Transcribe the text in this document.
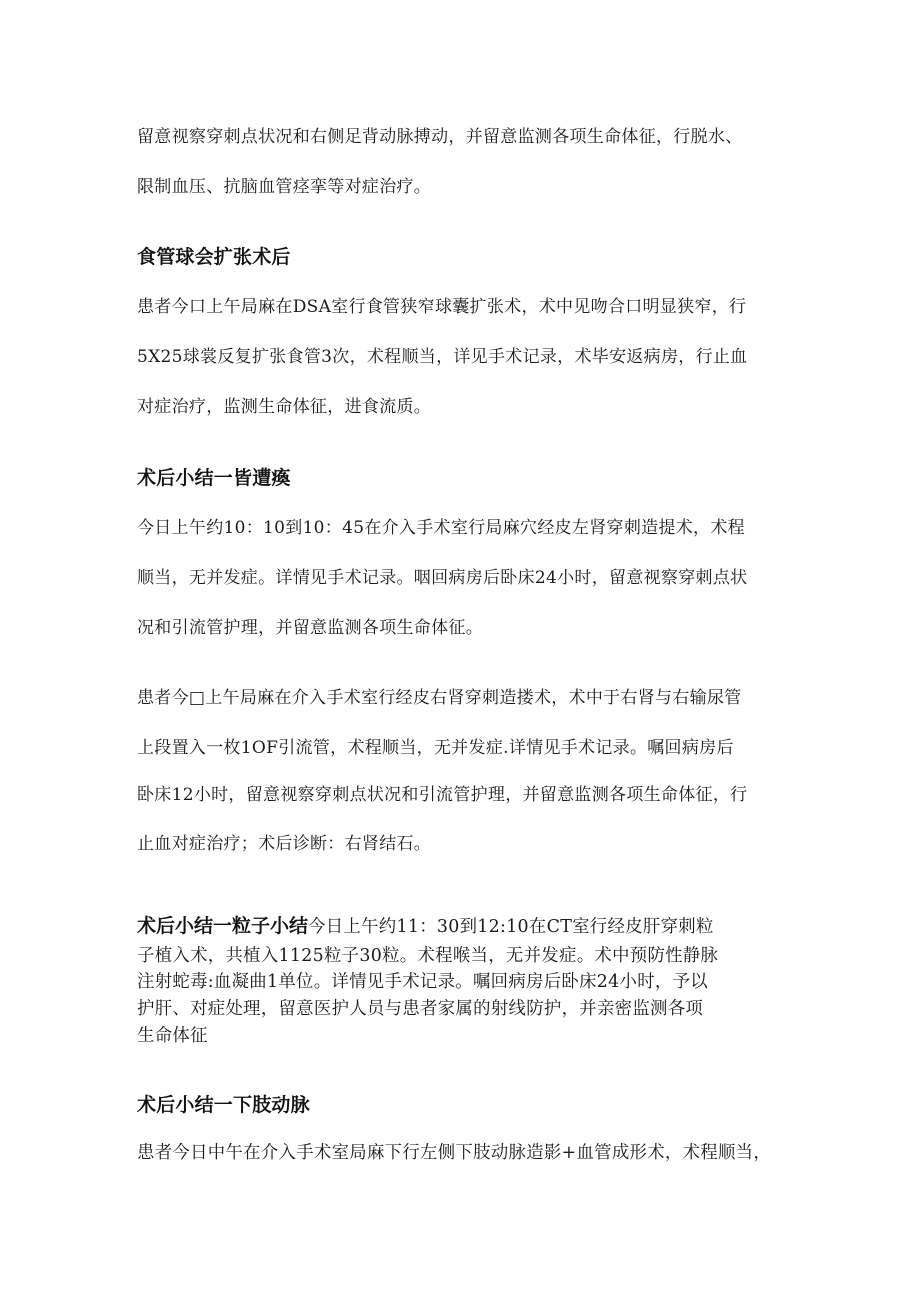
留意视察穿刺点状况和右侧足背动脉搏动，并留意监测各项生命体征，行脱水、
限制血压、抗脑血管痉挛等对症治疗。
食管球会扩张术后
患者今口上午局麻在DSA室行食管狭窄球囊扩张术，术中见吻合口明显狭窄，行
5X25球裳反复扩张食管3次，术程顺当，详见手术记录，术毕安返病房，行止血
对症治疗，监测生命体征，进食流质。
术后小结一皆遭瘓
今日上午约10：10到10：45在介入手术室行局麻穴经皮左肾穿刺造提术，术程
顺当，无并发症。详情见手术记录。咽回病房后卧床24小时，留意视察穿刺点状
况和引流管护理，并留意监测各项生命体征。
患者今□上午局麻在介入手术室行经皮右肾穿刺造搂术，术中于右肾与右输尿管
上段置入一枚1OF引流管，术程顺当，无并发症.详情见手术记录。嘱回病房后
卧床12小时，留意视察穿刺点状况和引流管护理，并留意监测各项生命体征，行
止血对症治疗；术后诊断：右肾结石。
术后小结一粒子小结今日上午约11：30到12:10在CT室行经皮肝穿刺粒
子植入术，共植入1125粒子30粒。术程喉当，无并发症。术中预防性静脉
注射蛇毒:血凝曲1单位。详情见手术记录。嘱回病房后卧床24小时，予以
护肝、对症处理，留意医护人员与患者家属的射线防护，并亲密监测各项
生命体征
术后小结一下肢动脉
患者今日中午在介入手术室局麻下行左侧下肢动脉造影+血管成形术，术程顺当，
